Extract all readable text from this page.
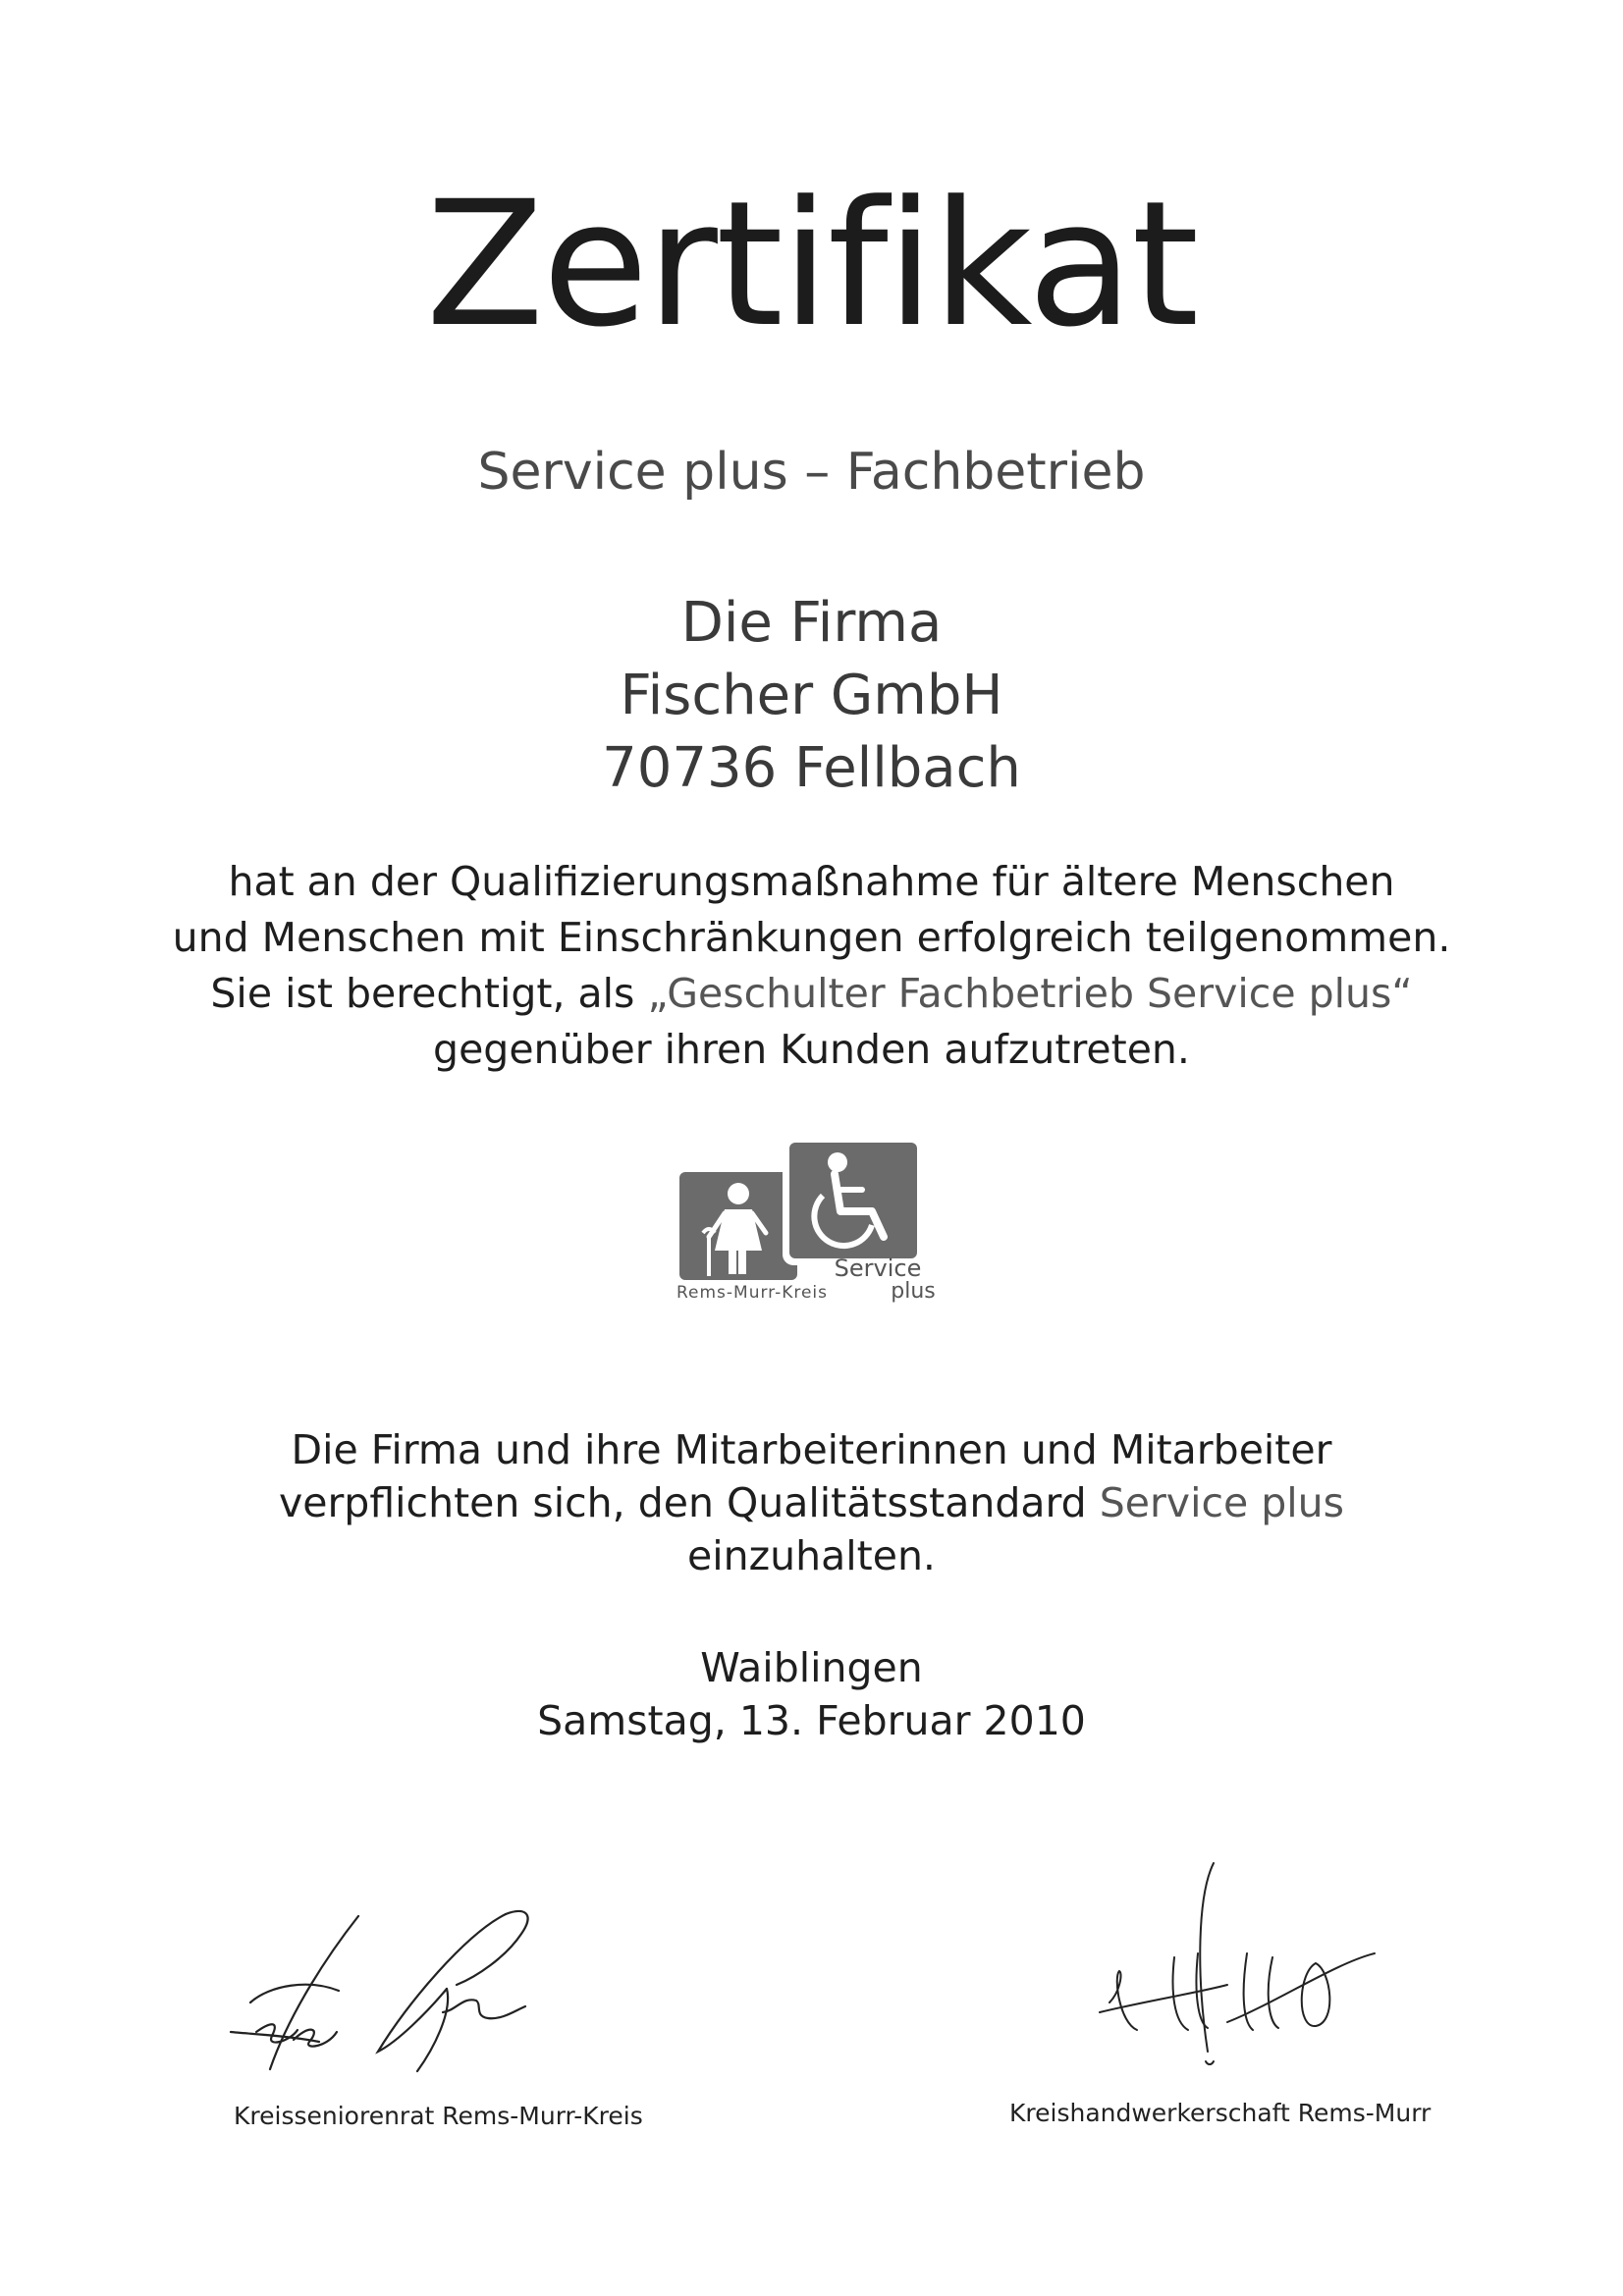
Zertifikat
Service plus – Fachbetrieb
Die Firma
Fischer GmbH
70736 Fellbach
hat an der Qualifizierungsmaßnahme für ältere Menschen
und Menschen mit Einschränkungen erfolgreich teilgenommen.
Sie ist berechtigt, als „Geschulter Fachbetrieb Service plus“
gegenüber ihren Kunden aufzutreten.
Service
Rems-Murr-Kreis	plus
Die Firma und ihre Mitarbeiterinnen und Mitarbeiter
verpflichten sich, den Qualitätsstandard Service plus
einzuhalten.
Waiblingen
Samstag, 13. Februar 2010
Kreisseniorenrat Rems-Murr-Kreis	Kreishandwerkerschaft Rems-Murr
